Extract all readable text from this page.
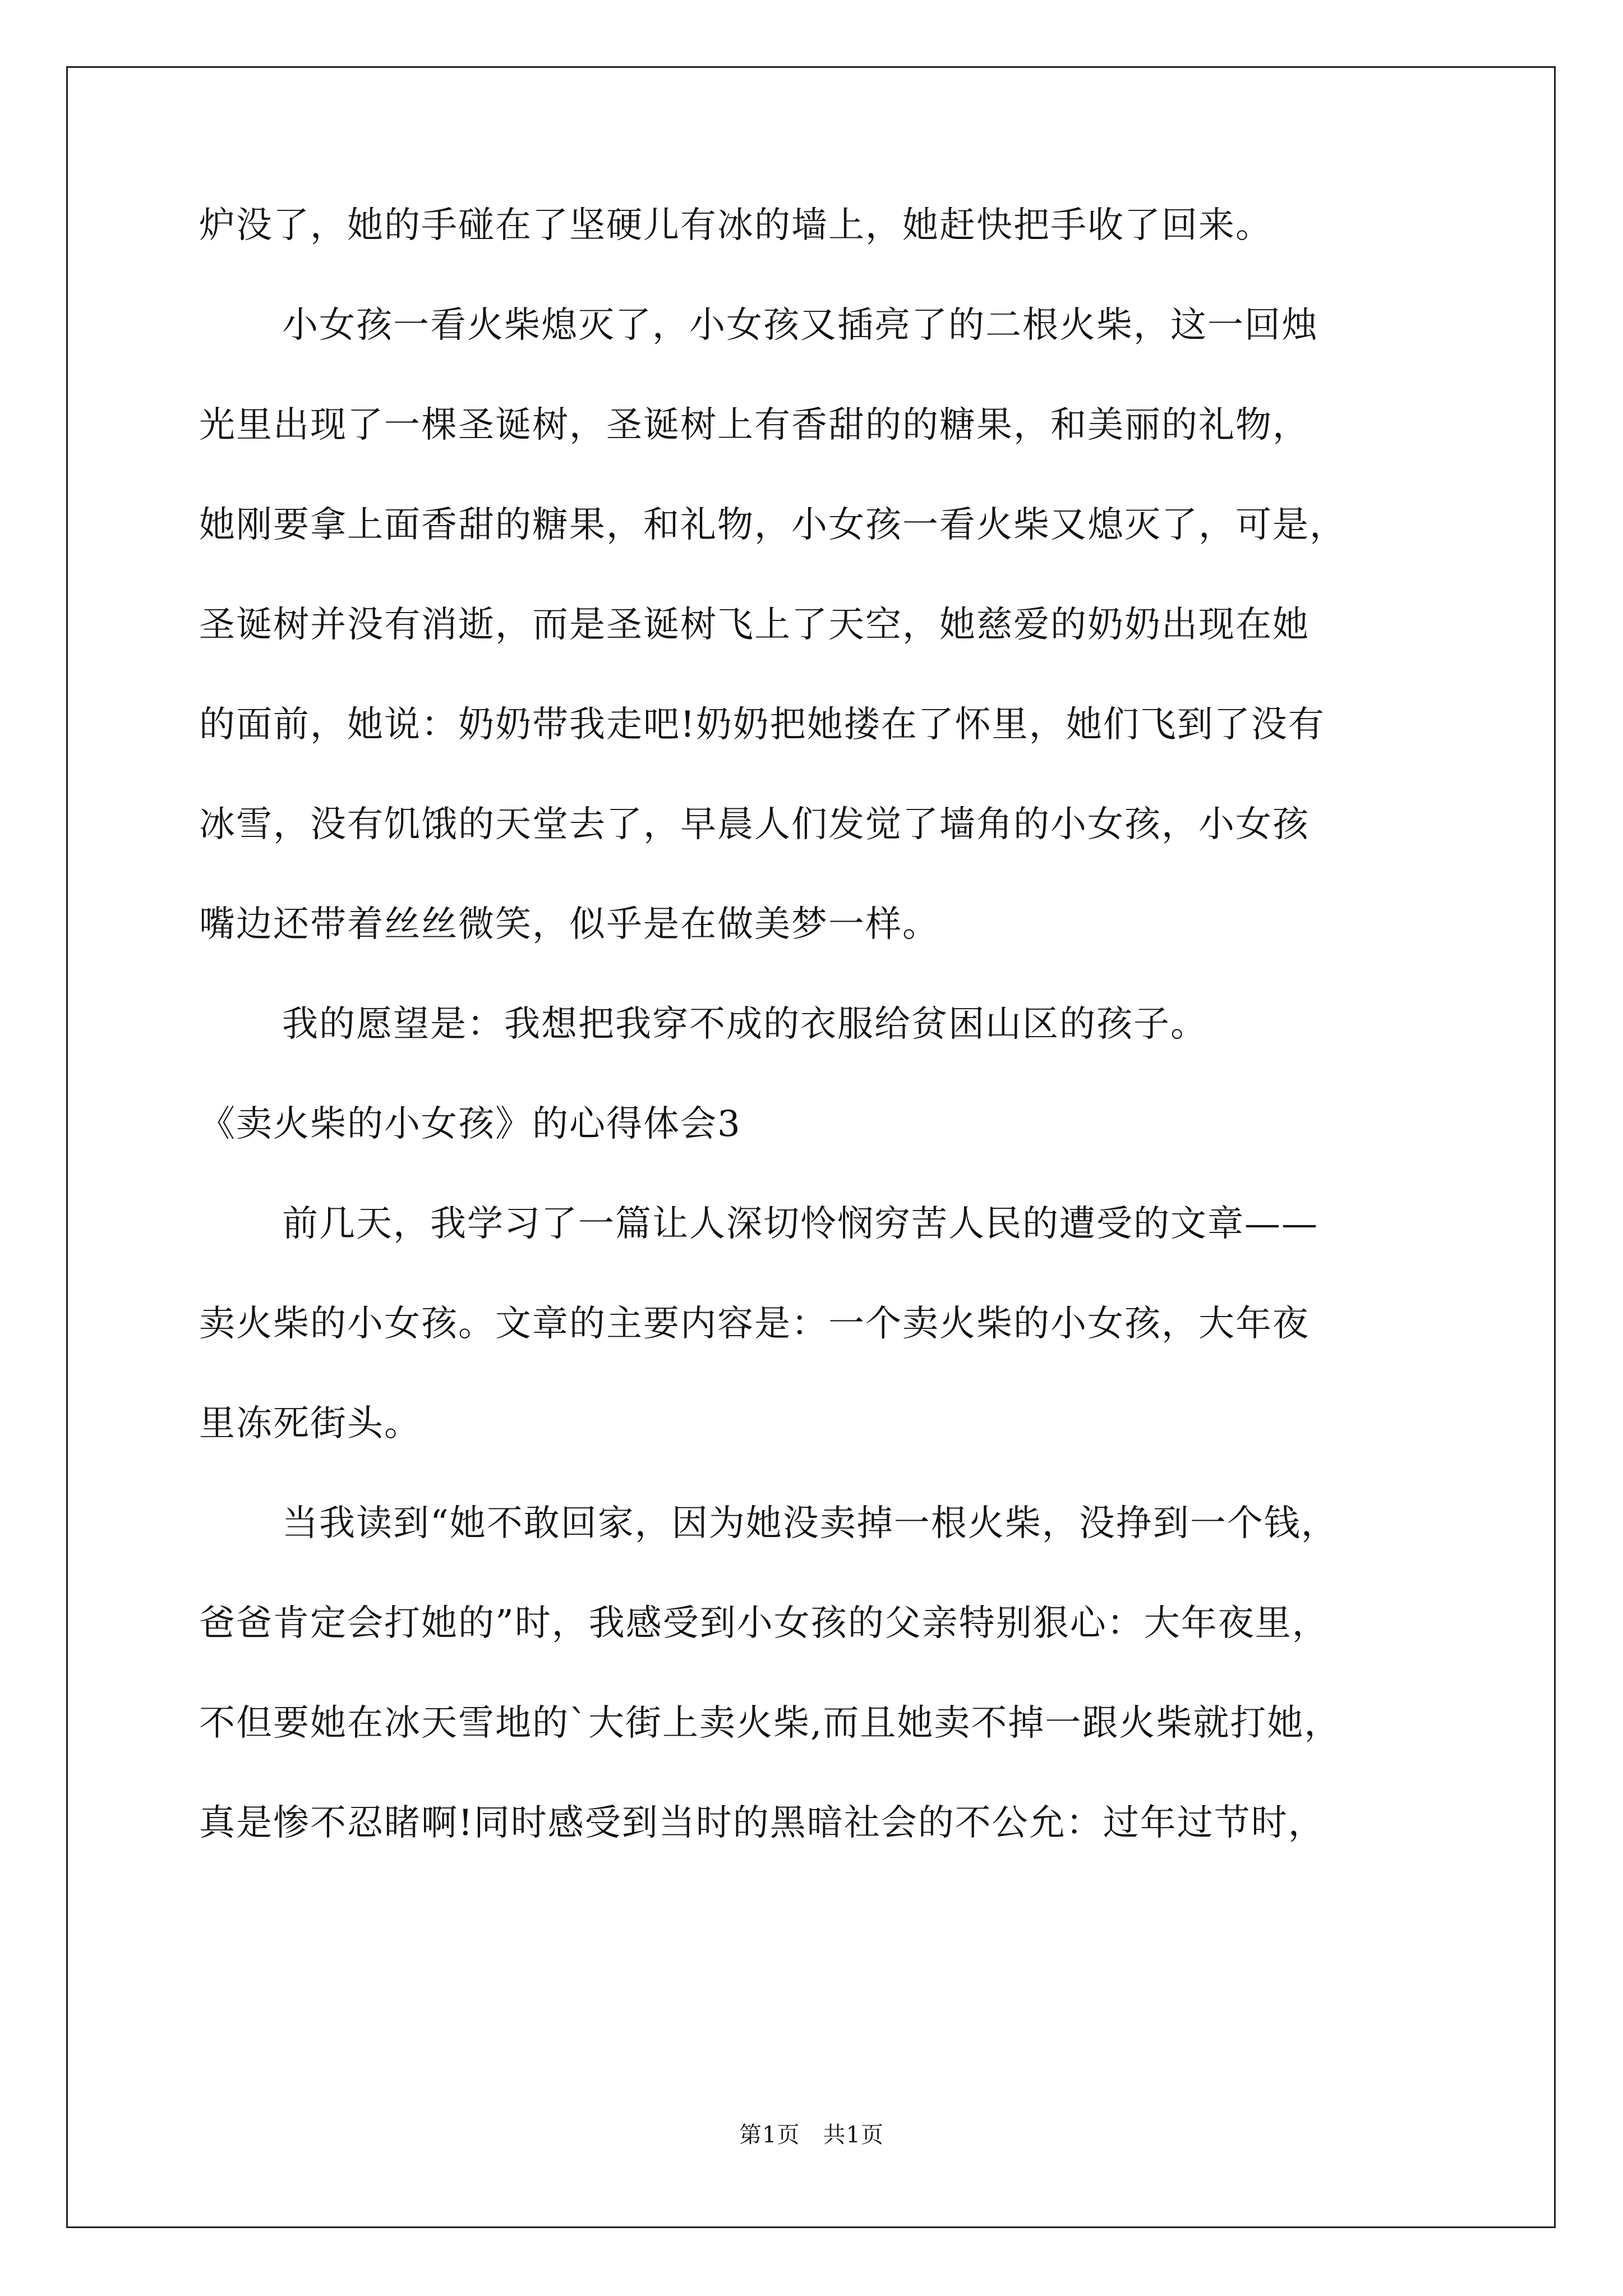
炉没了，她的手碰在了坚硬儿有冰的墙上，她赶快把手收了回来。
小女孩一看火柴熄灭了，小女孩又插亮了的二根火柴，这一回烛
光里出现了一棵圣诞树，圣诞树上有香甜的的糖果，和美丽的礼物，
她刚要拿上面香甜的糖果，和礼物，小女孩一看火柴又熄灭了，可是，
圣诞树并没有消逝，而是圣诞树飞上了天空，她慈爱的奶奶出现在她
的面前，她说：奶奶带我走吧!奶奶把她搂在了怀里，她们飞到了没有
冰雪，没有饥饿的天堂去了，早晨人们发觉了墙角的小女孩，小女孩
嘴边还带着丝丝微笑，似乎是在做美梦一样。
我的愿望是：我想把我穿不成的衣服给贫困山区的孩子。
《卖火柴的小女孩》的心得体会3
前几天，我学习了一篇让人深切怜悯穷苦人民的遭受的文章——
卖火柴的小女孩。文章的主要内容是：一个卖火柴的小女孩，大年夜
里冻死街头。
当我读到“她不敢回家，因为她没卖掉一根火柴，没挣到一个钱，
爸爸肯定会打她的”时，我感受到小女孩的父亲特别狠心：大年夜里，
不但要她在冰天雪地的`大街上卖火柴,而且她卖不掉一跟火柴就打她，
真是惨不忍睹啊!同时感受到当时的黑暗社会的不公允：过年过节时，
第1页　共1页
